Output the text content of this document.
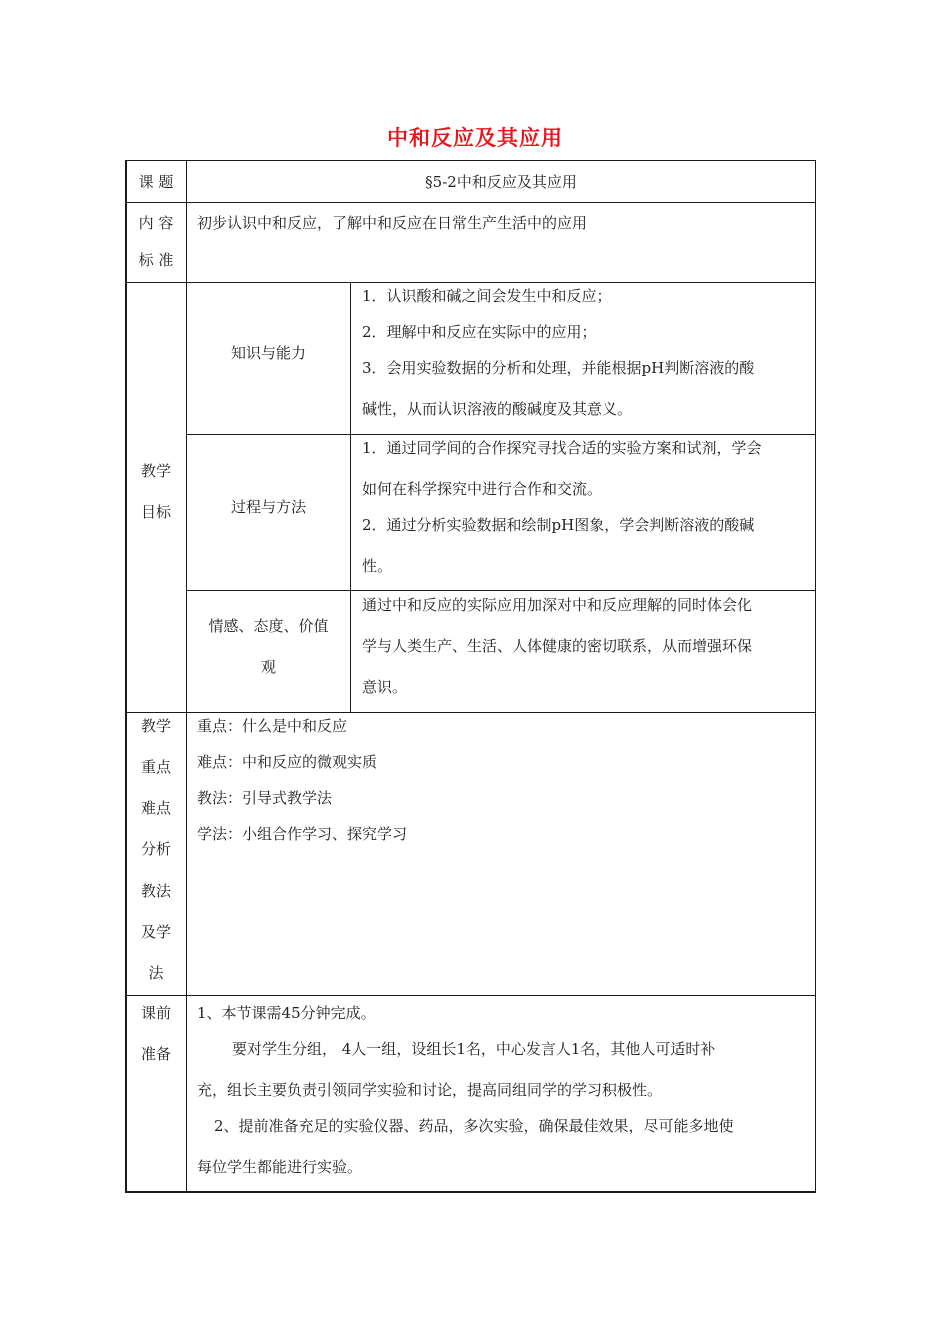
中和反应及其应用
课 题	§5-2中和反应及其应用
内 容
标 准
初步认识中和反应，了解中和反应在日常生产生活中的应用
教学
目标
知识与能力
1．认识酸和碱之间会发生中和反应；
2．理解中和反应在实际中的应用；
3．会用实验数据的分析和处理，并能根据pH判断溶液的酸
碱性，从而认识溶液的酸碱度及其意义。
过程与方法
1．通过同学间的合作探究寻找合适的实验方案和试剂，学会
如何在科学探究中进行合作和交流。
2．通过分析实验数据和绘制pH图象，学会判断溶液的酸碱
性。
情感、态度、价值
观
通过中和反应的实际应用加深对中和反应理解的同时体会化
学与人类生产、生活、人体健康的密切联系，从而增强环保
意识。
教学
重点
难点
分析
教法
及学
法
重点：什么是中和反应
难点：中和反应的微观实质
教法：引导式教学法
学法：小组合作学习、探究学习
课前
准备
1、本节课需45分钟完成。
要对学生分组， 4人一组，设组长1名，中心发言人1名，其他人可适时补
充，组长主要负责引领同学实验和讨论，提高同组同学的学习积极性。
2、提前准备充足的实验仪器、药品，多次实验，确保最佳效果，尽可能多地使
每位学生都能进行实验。
